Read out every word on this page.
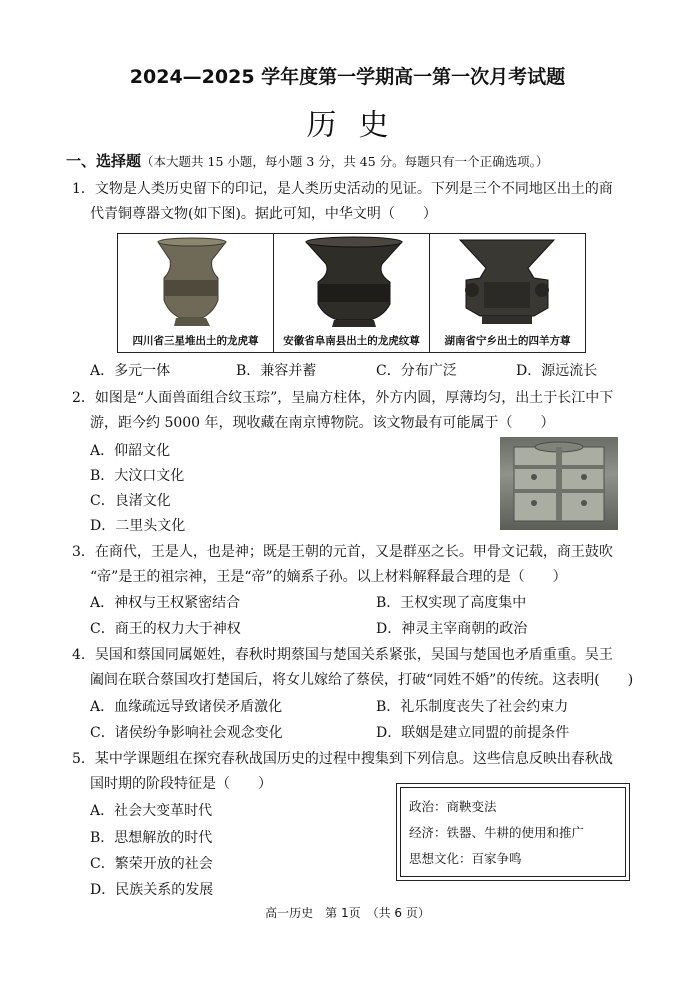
2024—2025 学年度第一学期高一第一次月考试题
历史
一、选择题（本大题共 15 小题，每小题 3 分，共 45 分。每题只有一个正确选项。）
1．文物是人类历史留下的印记，是人类历史活动的见证。下列是三个不同地区出土的商
代青铜尊器文物(如下图)。据此可知，中华文明（　　）
四川省三星堆出土的龙虎尊	安徽省阜南县出土的龙虎纹尊	湖南省宁乡出土的四羊方尊
A．多元一体	B．兼容并蓄	C．分布广泛	D．源远流长
2．如图是“人面兽面组合纹玉琮”，呈扁方柱体，外方内圆，厚薄均匀，出土于长江中下
游，距今约 5000 年，现收藏在南京博物院。该文物最有可能属于（　　）
A．仰韶文化
B．大汶口文化
C．良渚文化
D．二里头文化
3．在商代，王是人，也是神；既是王朝的元首，又是群巫之长。甲骨文记载，商王鼓吹
“帝”是王的祖宗神，王是“帝”的嫡系子孙。以上材料解释最合理的是（　　）
A．神权与王权紧密结合	B．王权实现了高度集中
C．商王的权力大于神权	D．神灵主宰商朝的政治
4．吴国和蔡国同属姬姓，春秋时期蔡国与楚国关系紧张，吴国与楚国也矛盾重重。吴王
阖闾在联合蔡国攻打楚国后，将女儿嫁给了蔡侯，打破“同姓不婚”的传统。这表明(　　)
A．血缘疏远导致诸侯矛盾激化	B．礼乐制度丧失了社会约束力
C．诸侯纷争影响社会观念变化	D．联姻是建立同盟的前提条件
5．某中学课题组在探究春秋战国历史的过程中搜集到下列信息。这些信息反映出春秋战
国时期的阶段特征是（　　）
A．社会大变革时代
B．思想解放的时代
C．繁荣开放的社会
D．民族关系的发展
政治：商鞅变法
经济：铁器、牛耕的使用和推广
思想文化：百家争鸣
高一历史　第 1页　（共 6 页）
